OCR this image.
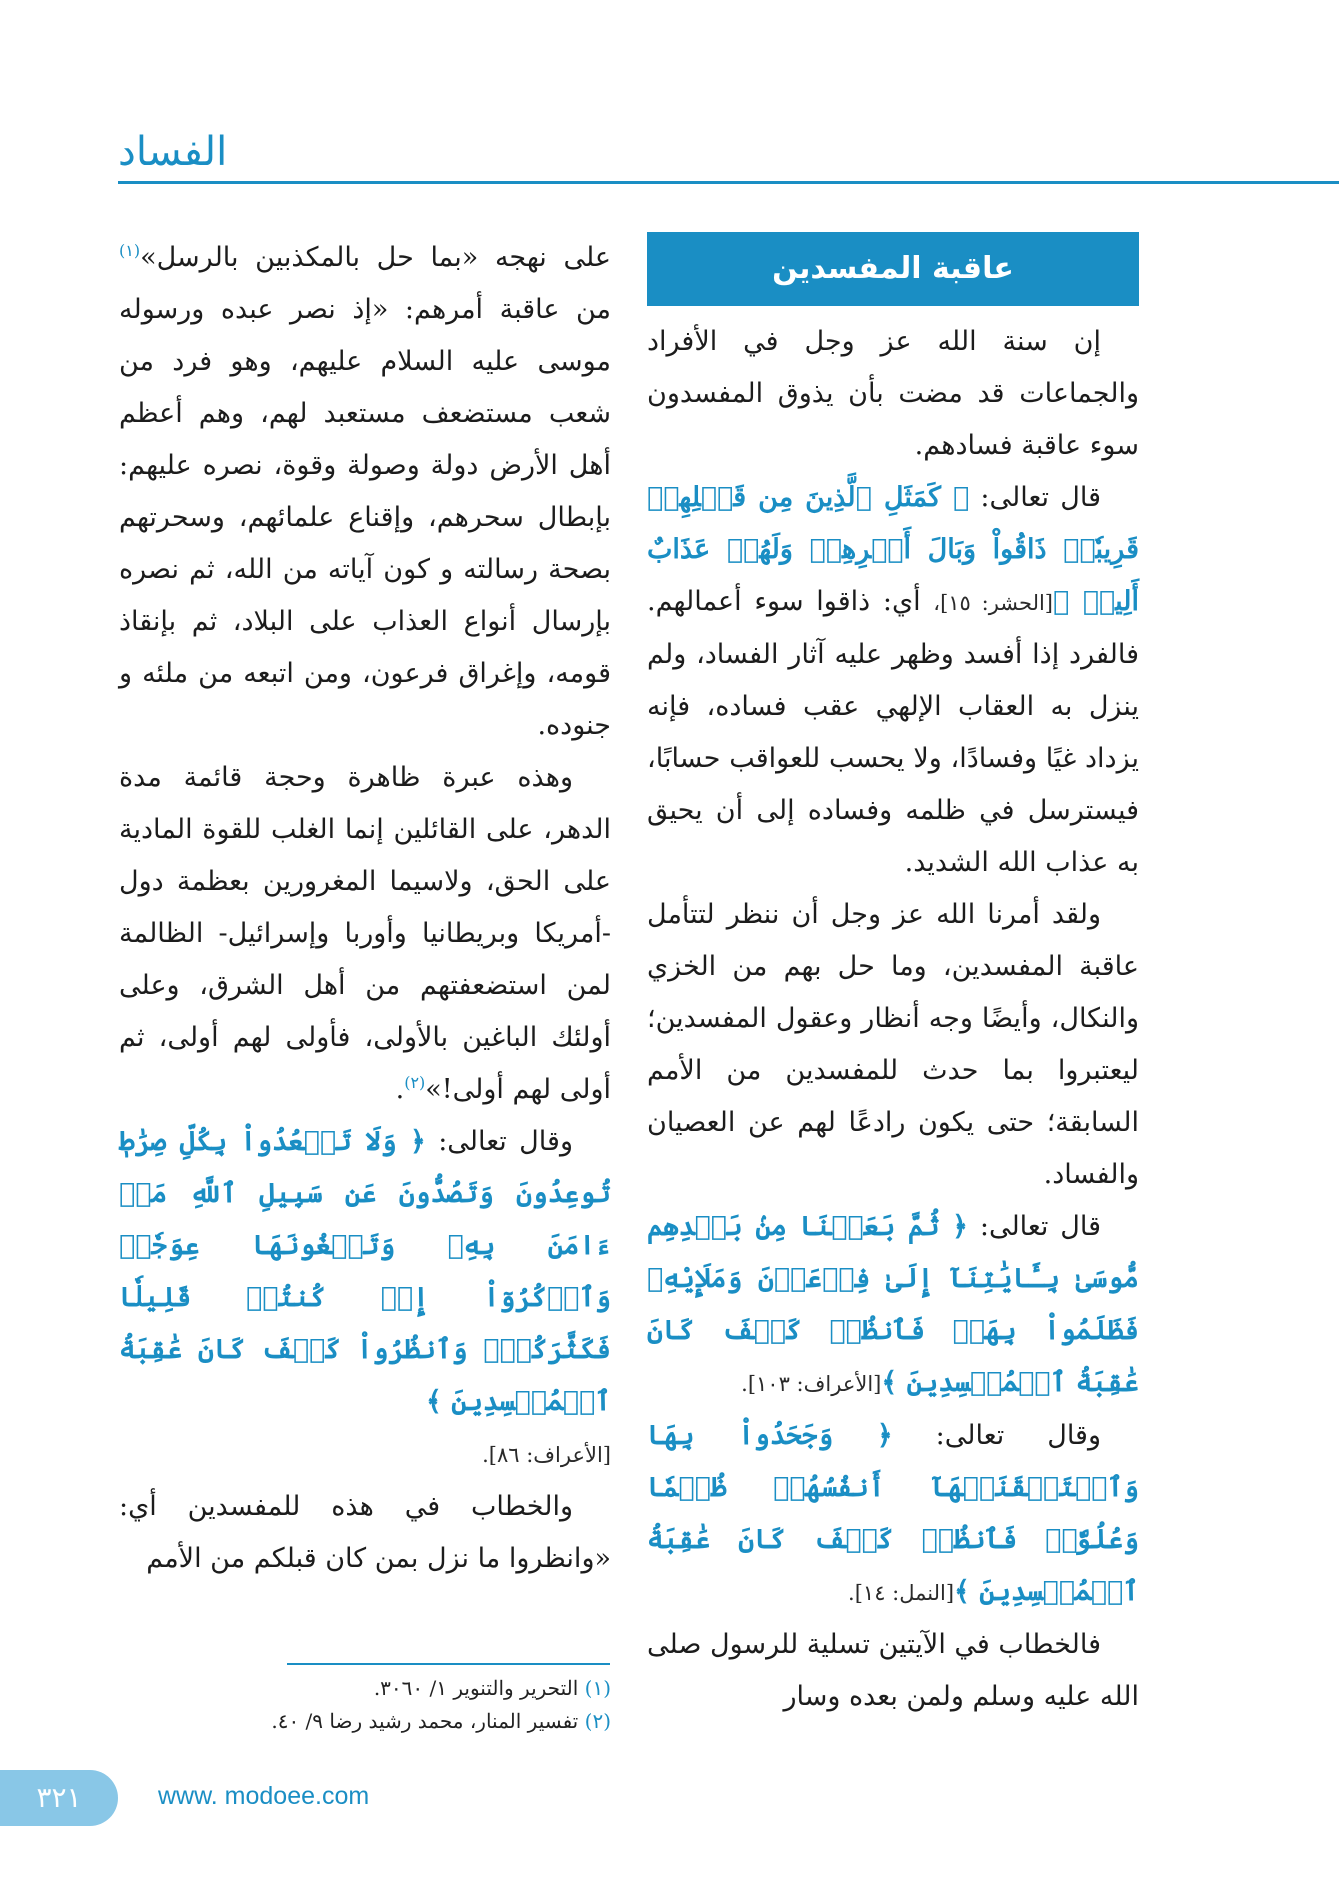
الفساد
عاقبة المفسدين

إن سنة الله عز وجل في الأفراد والجماعات قد مضت بأن يذوق المفسدون سوء عاقبة فسادهم.

قال تعالى: ﴿ كَمَثَلِ ٱلَّذِينَ مِن قَبۡلِهِمۡ قَرِيبٗاۖ ذَاقُواْ وَبَالَ أَمۡرِهِمۡ وَلَهُمۡ عَذَابٌ أَلِيمٞ ﴾[الحشر: ١٥]، أي: ذاقوا سوء أعمالهم. فالفرد إذا أفسد وظهر عليه آثار الفساد، ولم ينزل به العقاب الإلهي عقب فساده، فإنه يزداد غيًا وفسادًا، ولا يحسب للعواقب حسابًا، فيسترسل في ظلمه وفساده إلى أن يحيق به عذاب الله الشديد.

ولقد أمرنا الله عز وجل أن ننظر لتتأمل عاقبة المفسدين، وما حل بهم من الخزي والنكال، وأيضًا وجه أنظار وعقول المفسدين؛ ليعتبروا بما حدث للمفسدين من الأمم السابقة؛ حتى يكون رادعًا لهم عن العصيان والفساد.

قال تعالى: ﴿ ثُمَّ بَعَثۡنَا مِنۢ بَعۡدِهِم مُّوسَىٰ بِـَٔايَٰتِنَآ إِلَىٰ فِرۡعَوۡنَ وَمَلَإِيْهِۦ فَظَلَمُواْ بِهَاۖ فَٱنظُرۡ كَيۡفَ كَانَ عَٰقِبَةُ ٱلۡمُفۡسِدِينَ ﴾[الأعراف: ١٠٣].

وقال تعالى: ﴿ وَجَحَدُواْ بِهَا وَٱسۡتَيۡقَنَتۡهَآ أَنفُسُهُمۡ ظُلۡمٗا وَعُلُوّٗاۚ فَٱنظُرۡ كَيۡفَ كَانَ عَٰقِبَةُ ٱلۡمُفۡسِدِينَ ﴾[النمل: ١٤].

فالخطاب في الآيتين تسلية للرسول صلى الله عليه وسلم ولمن بعده وسار

على نهجه «بما حل بالمكذبين بالرسل»$^{(١)}$ من عاقبة أمرهم: «إذ نصر عبده ورسوله موسى عليه السلام عليهم، وهو فرد من شعب مستضعف مستعبد لهم، وهم أعظم أهل الأرض دولة وصولة وقوة، نصره عليهم: بإبطال سحرهم، وإقناع علمائهم، وسحرتهم بصحة رسالته و كون آياته من الله، ثم نصره بإرسال أنواع العذاب على البلاد، ثم بإنقاذ قومه، وإغراق فرعون، ومن اتبعه من ملئه و جنوده.

وهذه عبرة ظاهرة وحجة قائمة مدة الدهر، على القائلين إنما الغلب للقوة المادية على الحق، ولاسيما المغرورين بعظمة دول -أمريكا وبريطانيا وأوربا وإسرائيل- الظالمة لمن استضعفتهم من أهل الشرق، وعلى أولئك الباغين بالأولى، فأولى لهم أولى، ثم أولى لهم أولى!»$^{(٢)}$.

وقال تعالى: ﴿ وَلَا تَقۡعُدُواْ بِكُلِّ صِرَٰطٖ تُوعِدُونَ وَتَصُدُّونَ عَن سَبِيلِ ٱللَّهِ مَنۡ ءَامَنَ بِهِۦ وَتَبۡغُونَهَا عِوَجٗاۚ وَٱذۡكُرُوٓاْ إِذۡ كُنتُمۡ قَلِيلٗا فَكَثَّرَكُمۡۖ وَٱنظُرُواْ كَيۡفَ كَانَ عَٰقِبَةُ ٱلۡمُفۡسِدِينَ ﴾
[الأعراف: ٨٦].

والخطاب في هذه للمفسدين أي: «وانظروا ما نزل بمن كان قبلكم من الأمم

(١) التحرير والتنوير ١/ ٣٠٦٠.
(٢) تفسير المنار، محمد رشيد رضا ٩/ ٤٠.
٣٢١	www. modoee.com
